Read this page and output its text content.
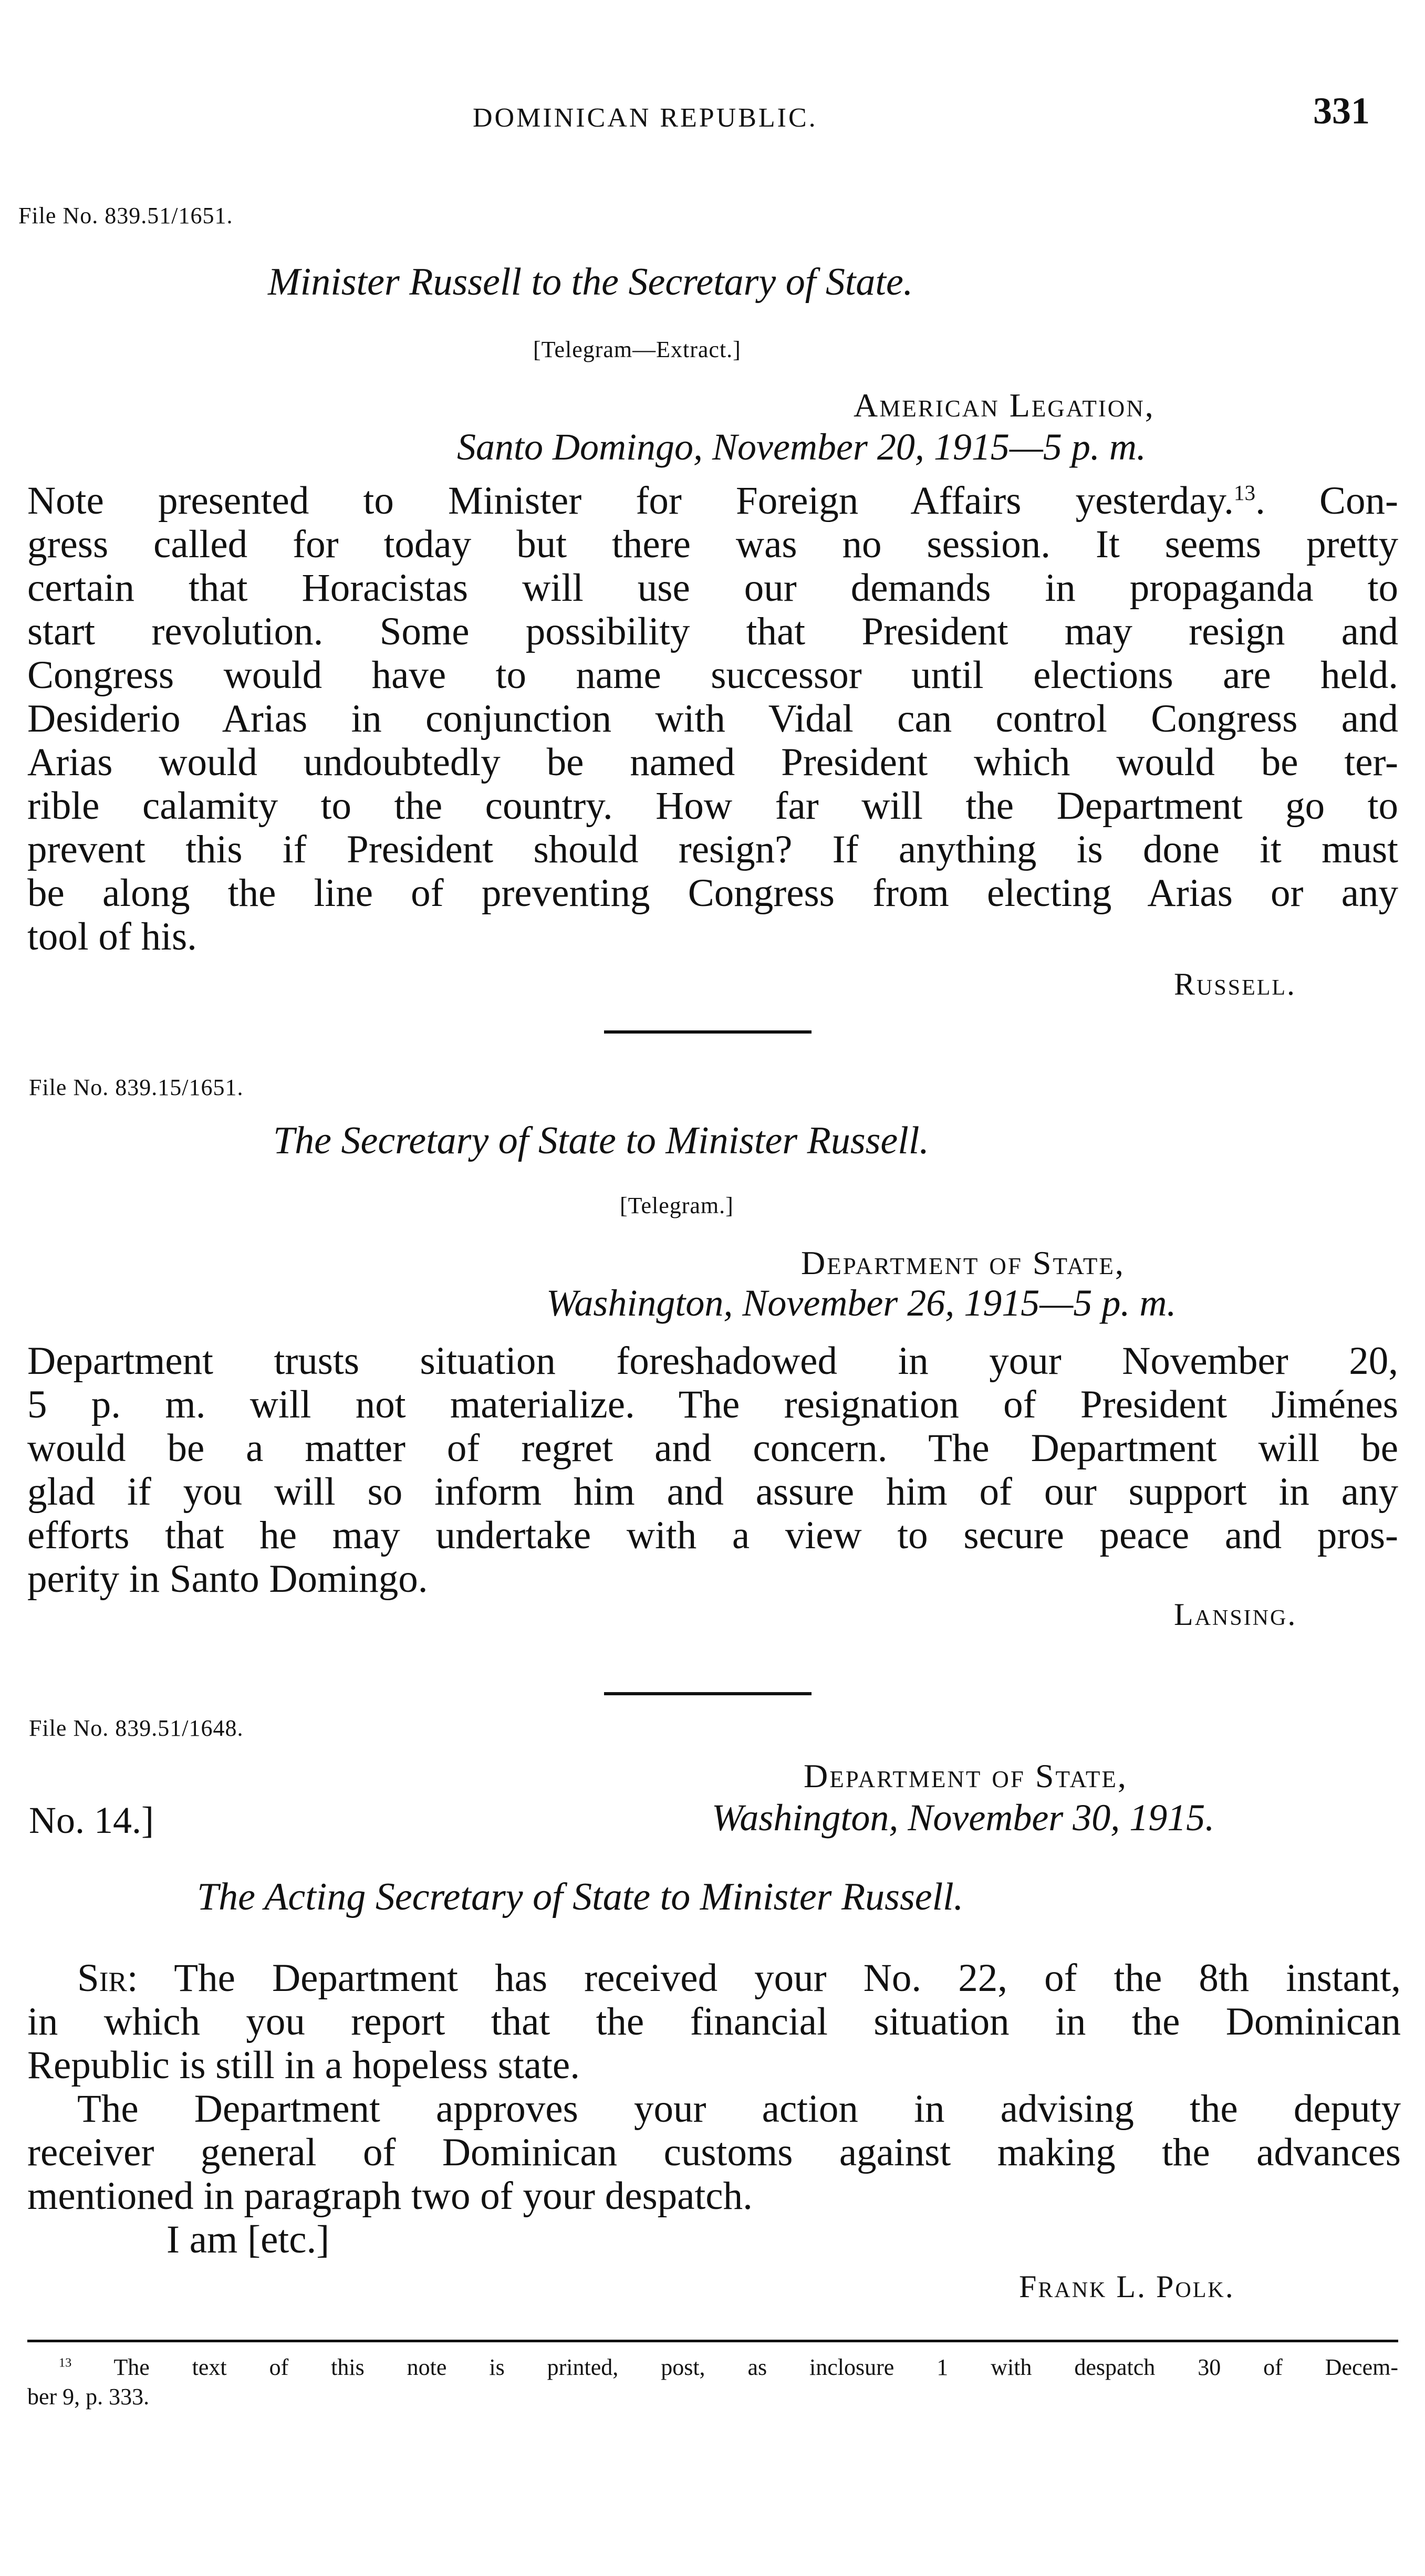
DOMINICAN REPUBLIC.	331
File No. 839.51/1651.
Minister Russell to the Secretary of State.
[Telegram—Extract.]
American Legation,
Santo Domingo, November 20, 1915—5 p. m.
Note presented to Minister for Foreign Affairs yesterday.$^{13}$. Con-
gress called for today but there was no session. It seems pretty
certain that Horacistas will use our demands in propaganda to
start revolution. Some possibility that President may resign and
Congress would have to name successor until elections are held.
Desiderio Arias in conjunction with Vidal can control Congress and
Arias would undoubtedly be named President which would be ter-
rible calamity to the country. How far will the Department go to
prevent this if President should resign? If anything is done it must
be along the line of preventing Congress from electing Arias or any
tool of his.
Russell.
File No. 839.15/1651.
The Secretary of State to Minister Russell.
[Telegram.]
Department of State,
Washington, November 26, 1915—5 p. m.
Department trusts situation foreshadowed in your November 20,
5 p. m. will not materialize. The resignation of President Jiménes
would be a matter of regret and concern. The Department will be
glad if you will so inform him and assure him of our support in any
efforts that he may undertake with a view to secure peace and pros-
perity in Santo Domingo.
Lansing.
File No. 839.51/1648.
Department of State,
No. 14.]	Washington, November 30, 1915.
The Acting Secretary of State to Minister Russell.
Sir: The Department has received your No. 22, of the 8th instant,
in which you report that the financial situation in the Dominican
Republic is still in a hopeless state.
The Department approves your action in advising the deputy
receiver general of Dominican customs against making the advances
mentioned in paragraph two of your despatch.
I am [etc.]
Frank L. Polk.
$^{13}$ The text of this note is printed, post, as inclosure 1 with despatch 30 of Decem-
ber 9, p. 333.
